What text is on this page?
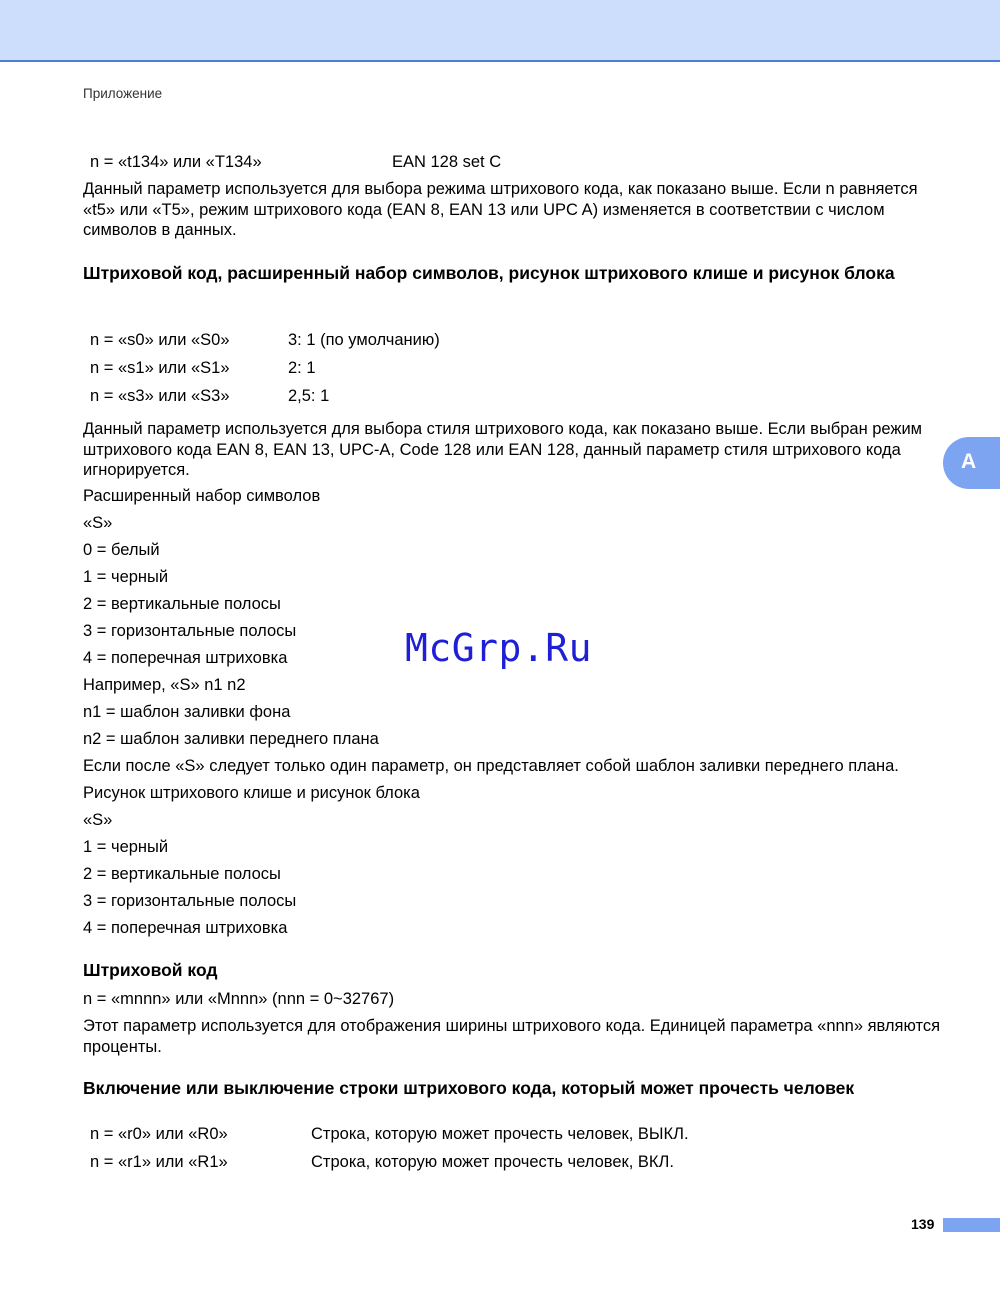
Приложение
n = «t134» или «T134»	EAN 128 set C
Данный параметр используется для выбора режима штрихового кода, как показано выше. Если n равняется «t5» или «T5», режим штрихового кода (EAN 8, EAN 13 или UPC A) изменяется в соответствии с числом символов в данных.
Штриховой код, расширенный набор символов, рисунок штрихового клише и рисунок блока
n = «s0» или «S0»	3: 1 (по умолчанию)
n = «s1» или «S1»	2: 1
n = «s3» или «S3»	2,5: 1
Данный параметр используется для выбора стиля штрихового кода, как показано выше. Если выбран режим штрихового кода EAN 8, EAN 13, UPC-A, Code 128 или EAN 128, данный параметр стиля штрихового кода игнорируется.
Расширенный набор символов
«S»
0 = белый
1 = черный
2 = вертикальные полосы
3 = горизонтальные полосы
4 = поперечная штриховка
Например, «S» n1 n2
n1 = шаблон заливки фона
n2 = шаблон заливки переднего плана
Если после «S» следует только один параметр, он представляет собой шаблон заливки переднего плана.
Рисунок штрихового клише и рисунок блока
«S»
1 = черный
2 = вертикальные полосы
3 = горизонтальные полосы
4 = поперечная штриховка
Штриховой код
n = «mnnn» или «Mnnn» (nnn = 0~32767)
Этот параметр используется для отображения ширины штрихового кода. Единицей параметра «nnn» являются проценты.
Включение или выключение строки штрихового кода, который может прочесть человек
n = «r0» или «R0»	Строка, которую может прочесть человек, ВЫКЛ.
n = «r1» или «R1»	Строка, которую может прочесть человек, ВКЛ.
A
McGrp.Ru
139
